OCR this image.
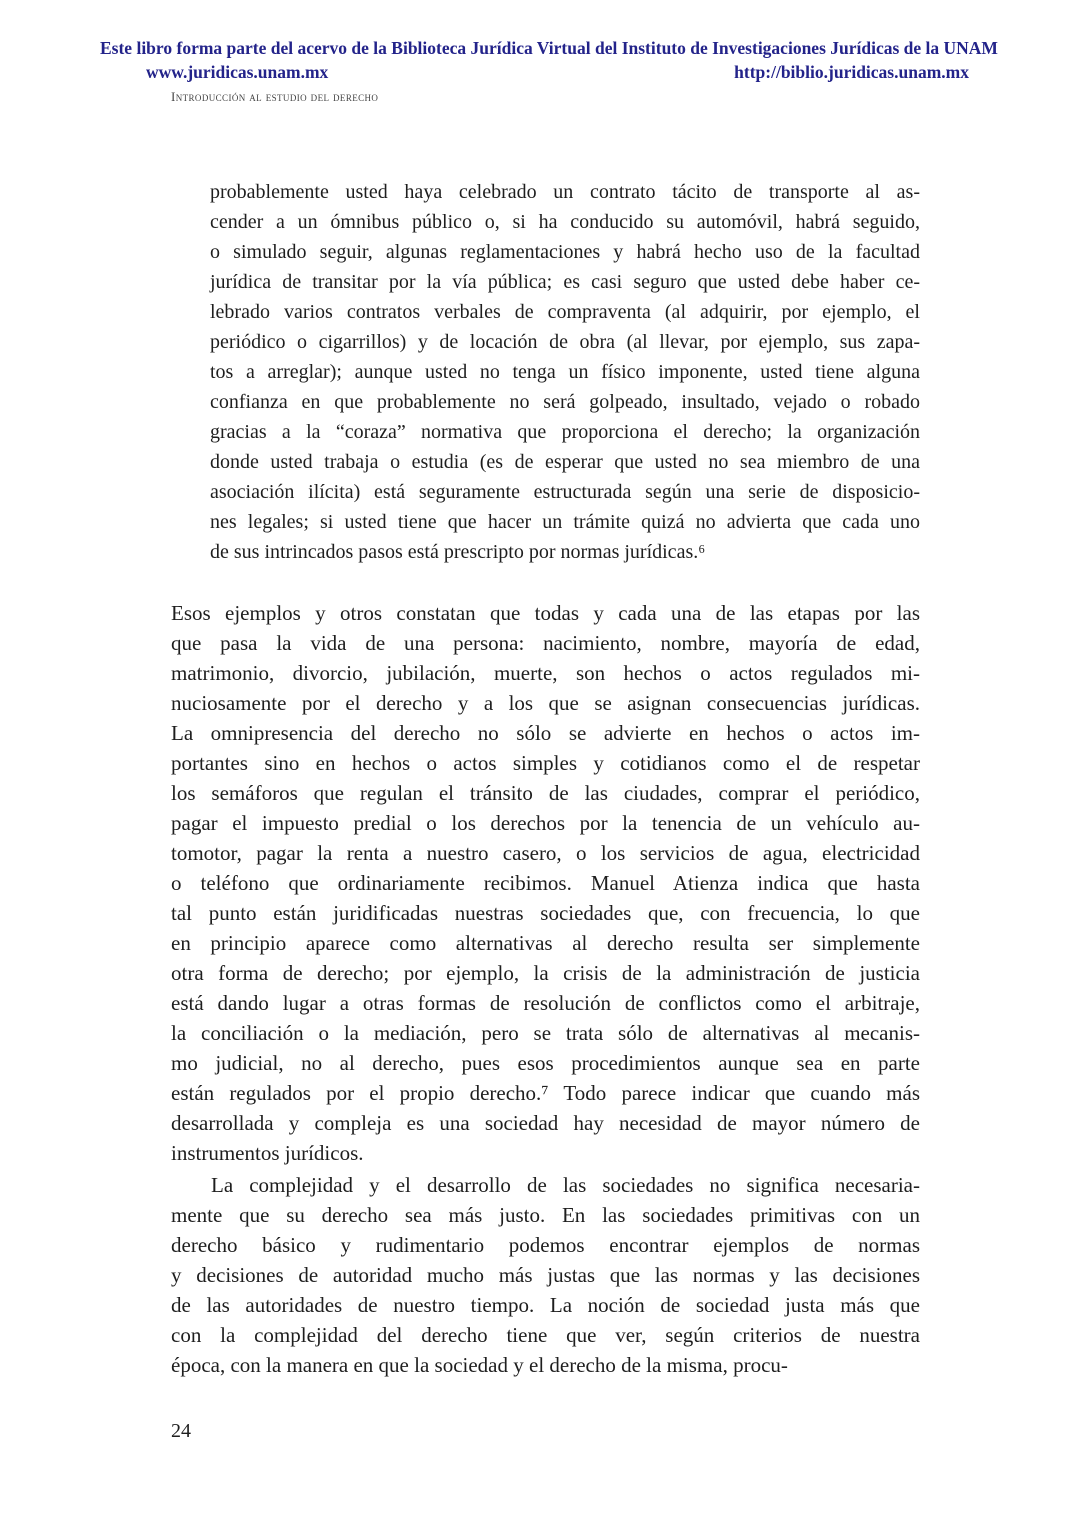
Este libro forma parte del acervo de la Biblioteca Jurídica Virtual del Instituto de Investigaciones Jurídicas de la UNAM
www.juridicas.unam.mx	http://biblio.juridicas.unam.mx
Introducción al estudio del derecho
probablemente usted haya celebrado un contrato tácito de transporte al as-
cender a un ómnibus público o, si ha conducido su automóvil, habrá seguido,
o simulado seguir, algunas reglamentaciones y habrá hecho uso de la facultad
jurídica de transitar por la vía pública; es casi seguro que usted debe haber ce-
lebrado varios contratos verbales de compraventa (al adquirir, por ejemplo, el
periódico o cigarrillos) y de locación de obra (al llevar, por ejemplo, sus zapa-
tos a arreglar); aunque usted no tenga un físico imponente, usted tiene alguna
confianza en que probablemente no será golpeado, insultado, vejado o robado
gracias a la “coraza” normativa que proporciona el derecho; la organización
donde usted trabaja o estudia (es de esperar que usted no sea miembro de una
asociación ilícita) está seguramente estructurada según una serie de disposicio-
nes legales; si usted tiene que hacer un trámite quizá no advierta que cada uno
de sus intrincados pasos está prescripto por normas jurídicas.⁶
Esos ejemplos y otros constatan que todas y cada una de las etapas por las
que pasa la vida de una persona: nacimiento, nombre, mayoría de edad,
matrimonio, divorcio, jubilación, muerte, son hechos o actos regulados mi-
nuciosamente por el derecho y a los que se asignan consecuencias jurídicas.
La omnipresencia del derecho no sólo se advierte en hechos o actos im-
portantes sino en hechos o actos simples y cotidianos como el de respetar
los semáforos que regulan el tránsito de las ciudades, comprar el periódico,
pagar el impuesto predial o los derechos por la tenencia de un vehículo au-
tomotor, pagar la renta a nuestro casero, o los servicios de agua, electricidad
o teléfono que ordinariamente recibimos. Manuel Atienza indica que hasta
tal punto están juridificadas nuestras sociedades que, con frecuencia, lo que
en principio aparece como alternativas al derecho resulta ser simplemente
otra forma de derecho; por ejemplo, la crisis de la administración de justicia
está dando lugar a otras formas de resolución de conflictos como el arbitraje,
la conciliación o la mediación, pero se trata sólo de alternativas al mecanis-
mo judicial, no al derecho, pues esos procedimientos aunque sea en parte
están regulados por el propio derecho.⁷ Todo parece indicar que cuando más
desarrollada y compleja es una sociedad hay necesidad de mayor número de
instrumentos jurídicos.
La complejidad y el desarrollo de las sociedades no significa necesaria-
mente que su derecho sea más justo. En las sociedades primitivas con un
derecho básico y rudimentario podemos encontrar ejemplos de normas
y decisiones de autoridad mucho más justas que las normas y las decisiones
de las autoridades de nuestro tiempo. La noción de sociedad justa más que
con la complejidad del derecho tiene que ver, según criterios de nuestra
época, con la manera en que la sociedad y el derecho de la misma, procu-
24
